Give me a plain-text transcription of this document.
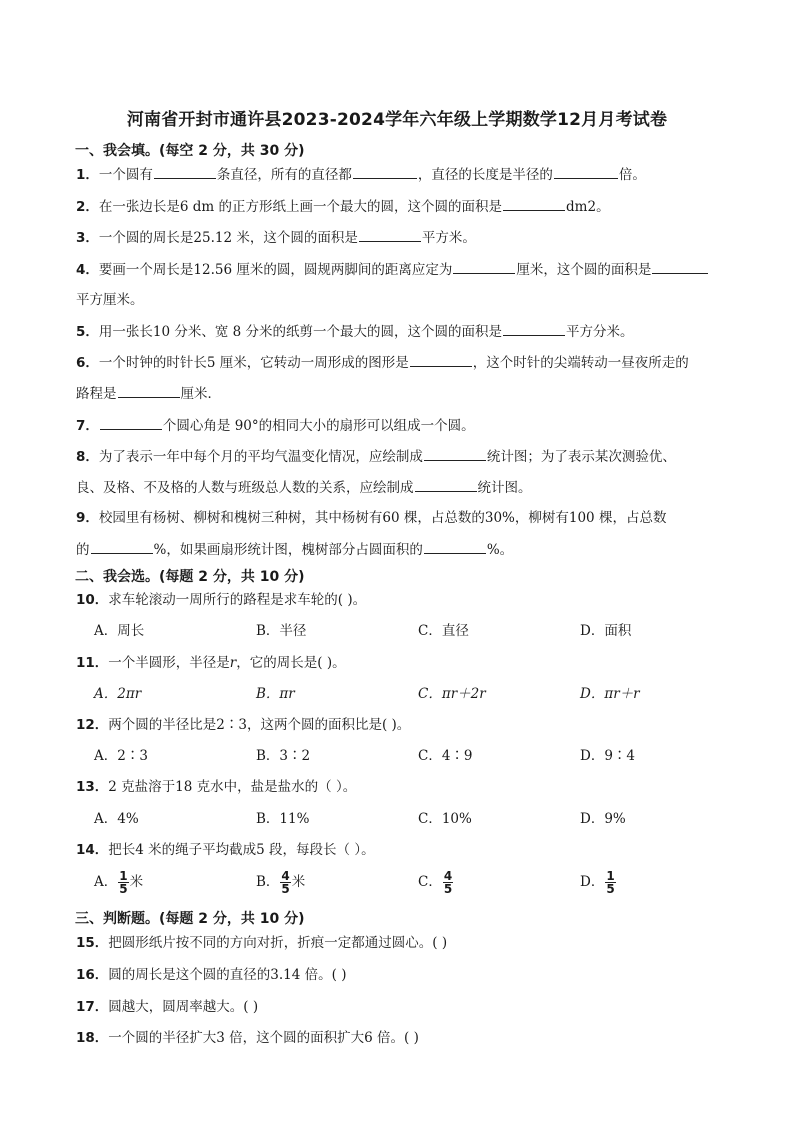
河南省开封市通许县2023-2024学年六年级上学期数学12月月考试卷
一、我会填。(每空 2 分，共 30 分)
1．一个圆有	条直径，所有的直径都	，直径的长度是半径的	倍。
2．在一张边长是6 dm 的正方形纸上画一个最大的圆，这个圆的面积是	dm2。
3．一个圆的周长是25.12 米，这个圆的面积是	平方米。
4．要画一个周长是12.56 厘米的圆，圆规两脚间的距离应定为	厘米，这个圆的面积是
平方厘米。
5．用一张长10 分米、宽 8 分米的纸剪一个最大的圆，这个圆的面积是	平方分米。
6．一个时钟的时针长5 厘米，它转动一周形成的图形是	，这个时针的尖端转动一昼夜所走的
路程是	厘米．
7．	个圆心角是 90°的相同大小的扇形可以组成一个圆。
8．为了表示一年中每个月的平均气温变化情况，应绘制成	统计图；为了表示某次测验优、
良、及格、不及格的人数与班级总人数的关系，应绘制成	统计图。
9．校园里有杨树、柳树和槐树三种树，其中杨树有60 棵，占总数的30%，柳树有100 棵，占总数
的	%，如果画扇形统计图，槐树部分占圆面积的	%。
二、我会选。(每题 2 分，共 10 分)
10．求车轮滚动一周所行的路程是求车轮的( )。
A．周长	B．半径	C．直径	D．面积
11．一个半圆形，半径是r，它的周长是( )。
A．2πr	B．πr	C．πr＋2r	D．πr＋r
12．两个圆的半径比是2∶3，这两个圆的面积比是( )。
A．2∶3	B．3∶2	C．4∶9	D．9∶4
13．2 克盐溶于18 克水中，盐是盐水的（ ）。
A．4%	B．11%	C．10%	D．9%
14．把长4 米的绳子平均截成5 段，每段长（ ）。
A． $\frac{1}{5}$ 米	B． $\frac{4}{5}$ 米	C． $\frac{4}{5}$	D． $\frac{1}{5}$
三、判断题。(每题 2 分，共 10 分)
15．把圆形纸片按不同的方向对折，折痕一定都通过圆心。( )
16．圆的周长是这个圆的直径的3.14 倍。( )
17．圆越大，圆周率越大。( )
18．一个圆的半径扩大3 倍，这个圆的面积扩大6 倍。( )
